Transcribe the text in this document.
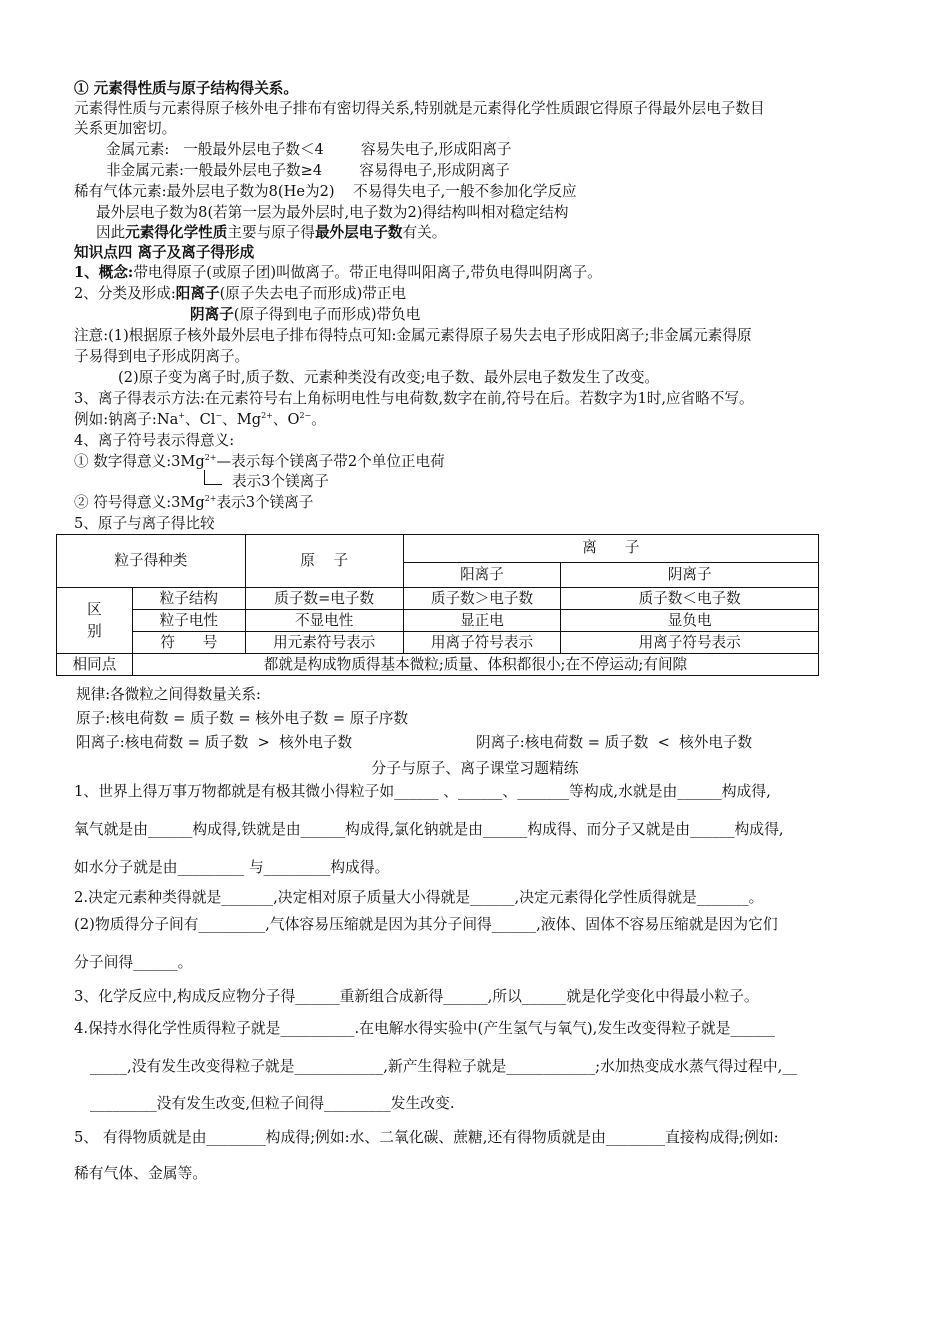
① 元素得性质与原子结构得关系。
元素得性质与元素得原子核外电子排布有密切得关系,特别就是元素得化学性质跟它得原子得最外层电子数目
关系更加密切。
金属元素:   一般最外层电子数＜4        容易失电子,形成阳离子
非金属元素:一般最外层电子数≥4        容易得电子,形成阴离子
稀有气体元素:最外层电子数为8(He为2)    不易得失电子,一般不参加化学反应
最外层电子数为8(若第一层为最外层时,电子数为2)得结构叫相对稳定结构
因此元素得化学性质主要与原子得最外层电子数有关。
知识点四 离子及离子得形成
1、概念:带电得原子(或原子团)叫做离子。带正电得叫阳离子,带负电得叫阴离子。
2、分类及形成:阳离子(原子失去电子而形成)带正电
阴离子(原子得到电子而形成)带负电
注意:(1)根据原子核外最外层电子排布得特点可知:金属元素得原子易失去电子形成阳离子;非金属元素得原
子易得到电子形成阴离子。
(2)原子变为离子时,质子数、元素种类没有改变;电子数、最外层电子数发生了改变。
3、离子得表示方法:在元素符号右上角标明电性与电荷数,数字在前,符号在后。若数字为1时,应省略不写。
例如:钠离子:Na+、Cl−、$Mg^{2+}$、$O^{2-}$。
4、离子符号表示得意义:
① 数字得意义$:3Mg^{2+}—$表示每个镁离子带2个单位正电荷
表示3个镁离子
② 符号得意义$:3Mg^{2+}$表示3个镁离子
5、原子与离子得比较
粒子得种类		原    子	离      子	
			阳离子	阴离子
区
别	粒子结构	质子数=电子数	质子数＞电子数	质子数＜电子数
	粒子电性	不显电性	显正电	显负电
	符      号	用元素符号表示	用离子符号表示	用离子符号表示
相同点	都就是构成物质得基本微粒;质量、体积都很小;在不停运动;有间隙			
规律:各微粒之间得数量关系:
原子:核电荷数 = 质子数 = 核外电子数 = 原子序数
阳离子:核电荷数 = 质子数  >  核外电子数	阴离子:核电荷数 = 质子数  <  核外电子数
分子与原子、离子课堂习题精练
1、世界上得万事万物都就是有极其微小得粒子如______ 、______、_______等构成,水就是由______构成得,
氧气就是由______构成得,铁就是由______构成得,氯化钠就是由______构成得、而分子又就是由______构成得,
如水分子就是由_________ 与_________构成得。
2.决定元素种类得就是_______,决定相对原子质量大小得就是______,决定元素得化学性质得就是_______。
(2)物质得分子间有_________,气体容易压缩就是因为其分子间得______,液体、固体不容易压缩就是因为它们
分子间得______。
3、化学反应中,构成反应物分子得______重新组合成新得______,所以______就是化学变化中得最小粒子。
4.保持水得化学性质得粒子就是__________.在电解水得实验中(产生氢气与氧气),发生改变得粒子就是______
_____,没有发生改变得粒子就是____________,新产生得粒子就是____________;水加热变成水蒸气得过程中,__
_________没有发生改变,但粒子间得_________发生改变.
5、 有得物质就是由________构成得;例如:水、二氧化碳、蔗糖,还有得物质就是由________直接构成得;例如:
稀有气体、金属等。
